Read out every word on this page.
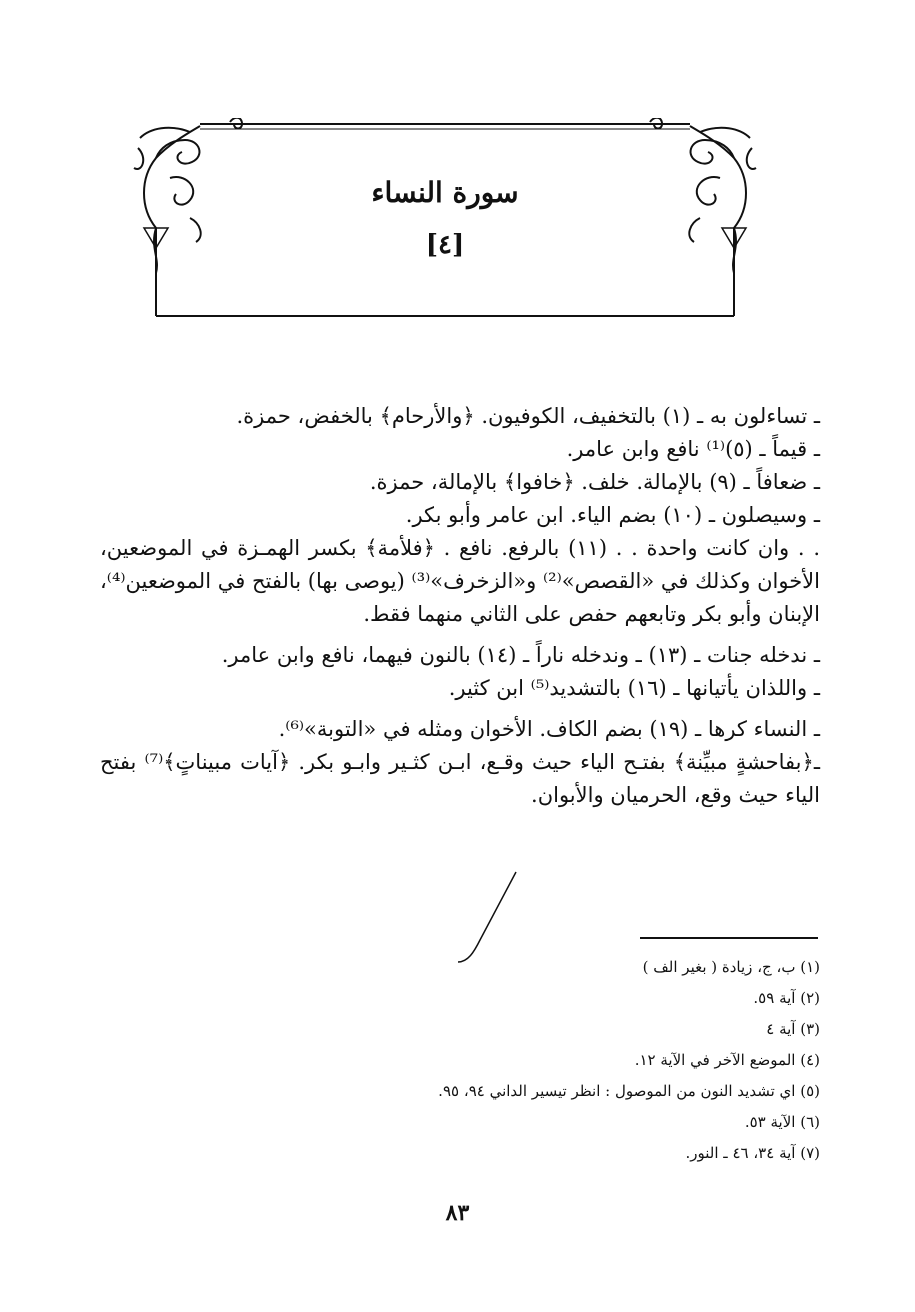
سورة النساء
[٤]
ـ تساءلون به ـ (١) بالتخفيف، الكوفيون. ﴿والأرحام﴾ بالخفض، حمزة.
ـ قيماً ـ (٥)⁽¹⁾ نافع وابن عامر.
ـ ضعافاً ـ (٩) بالإمالة. خلف. ﴿خافوا﴾ بالإمالة، حمزة.
ـ وسيصلون ـ (١٠) بضم الياء. ابن عامر وأبو بكر.
. . وان كانت واحدة . . (١١) بالرفع. نافع . ﴿فلأمة﴾ بكسر الهمـزة في الموضعين، الأخوان وكذلك في «القصص»⁽²⁾ و«الزخرف»⁽³⁾ (يوصى بها) بالفتح في الموضعين⁽⁴⁾، الإبنان وأبو بكر وتابعهم حفص على الثاني منهما فقط.
ـ ندخله جنات ـ (١٣) ـ وندخله ناراً ـ (١٤) بالنون فيهما، نافع وابن عامر.
ـ واللذان يأتيانها ـ (١٦) بالتشديد⁽⁵⁾ ابن كثير.
ـ النساء كرها ـ (١٩) بضم الكاف. الأخوان ومثله في «التوبة»⁽⁶⁾.
ـ﴿بفاحشةٍ مبيِّنة﴾ بفتـح الياء حيث وقـع، ابـن كثـير وابـو بكر. ﴿آيات مبيناتٍ﴾⁽⁷⁾ بفتح الياء حيث وقع، الحرميان والأبوان.
(١) ب، ج، زيادة ( بغير الف )
(٢) آية ٥٩.
(٣) آية ٤
(٤) الموضع الآخر في الآية ١٢.
(٥) اي تشديد النون من الموصول : انظر تيسير الداني ٩٤، ٩٥.
(٦) الآية ٥٣.
(٧) آية ٣٤، ٤٦ ـ النور.
٨٣
